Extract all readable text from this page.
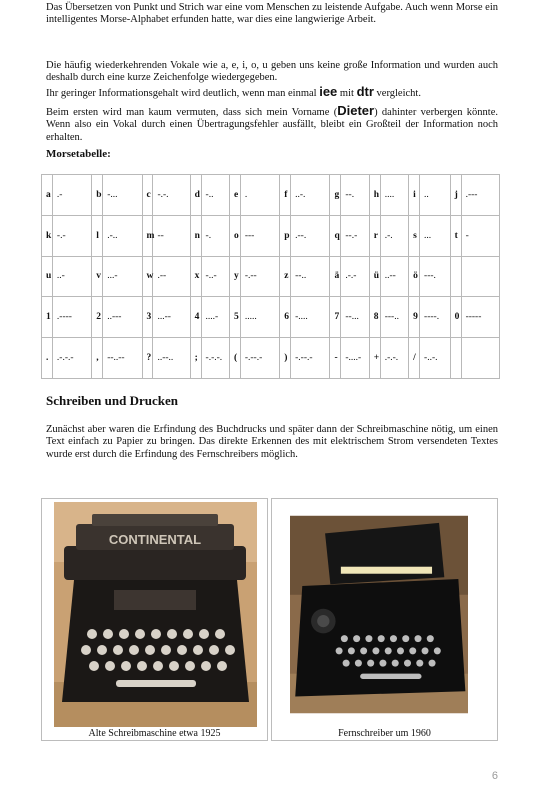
Das Übersetzen von Punkt und Strich war eine vom Menschen zu leistende Aufgabe. Auch wenn Morse ein intelligentes Morse-Alphabet erfunden hatte, war dies eine langwierige Arbeit.

Die häufig wiederkehrenden Vokale wie a, e, i, o, u geben uns keine große Information und wurden auch deshalb durch eine kurze Zeichenfolge wiedergegeben.

Ihr geringer Informationsgehalt wird deutlich, wenn man einmal iee mit dtr vergleicht.

Beim ersten wird man kaum vermuten, dass sich mein Vorname (Dieter) dahinter verbergen könnte. Wenn also ein Vokal durch einen Übertragungsfehler ausfällt, bleibt ein Großteil der Information noch erhalten.

Morsetabelle:

a	.-	b	-...	c	-.-.	d	-..	e	.	f	..-.	g	--.	h	....	i	..	j	.---
k	-.-	l	.-..	m	--	n	-.	o	---	p	.--.	q	--.-	r	.-.	s	...	t	-
u	..-	v	...-	w	.--	x	-..-	y	-.--	z	--..	ä	.-.-	ü	..--	ö	---.		
1	.----	2	..---	3	...--	4	....-	5	.....	6	-....	7	--...	8	---..	9	----.	0	-----
.	.-.-.-	,	--..--	?	..--..	;	-.-.-.	(	-.--.-	)	-.--.-	-	-....-	+	.-.-.	/	-..-.		

Schreiben und Drucken

Zunächst aber waren die Erfindung des Buchdrucks und später dann der Schreibmaschine nötig, um einen Text einfach zu Papier zu bringen. Das direkte Erkennen des mit elektrischem Strom versendeten Textes wurde erst durch die Erfindung des Fernschreibers möglich.

CONTINENTAL
Alte Schreibmaschine etwa 1925	Fernschreiber um 1960
6
